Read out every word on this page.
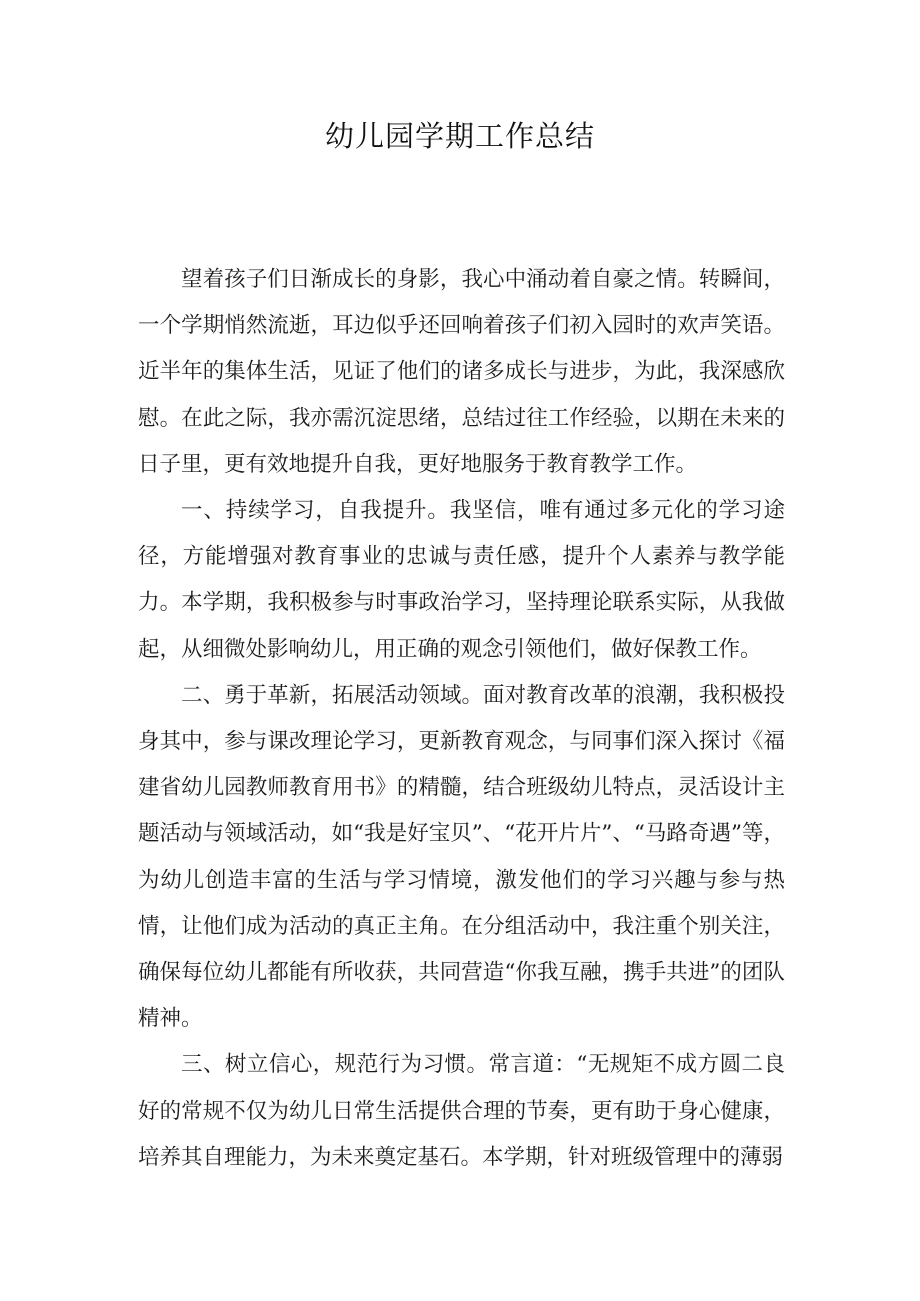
幼儿园学期工作总结

望着孩子们日渐成长的身影，我心中涌动着自豪之情。转瞬间，一个学期悄然流逝，耳边似乎还回响着孩子们初入园时的欢声笑语。近半年的集体生活，见证了他们的诸多成长与进步，为此，我深感欣慰。在此之际，我亦需沉淀思绪，总结过往工作经验，以期在未来的日子里，更有效地提升自我，更好地服务于教育教学工作。

一、持续学习，自我提升。我坚信，唯有通过多元化的学习途径，方能增强对教育事业的忠诚与责任感，提升个人素养与教学能力。本学期，我积极参与时事政治学习，坚持理论联系实际，从我做起，从细微处影响幼儿，用正确的观念引领他们，做好保教工作。

二、勇于革新，拓展活动领域。面对教育改革的浪潮，我积极投身其中，参与课改理论学习，更新教育观念，与同事们深入探讨《福建省幼儿园教师教育用书》的精髓，结合班级幼儿特点，灵活设计主题活动与领域活动，如“我是好宝贝”、“花开片片”、“马路奇遇”等，为幼儿创造丰富的生活与学习情境，激发他们的学习兴趣与参与热情，让他们成为活动的真正主角。在分组活动中，我注重个别关注，确保每位幼儿都能有所收获，共同营造“你我互融，携手共进”的团队精神。

三、树立信心，规范行为习惯。常言道：“无规矩不成方圆二良好的常规不仅为幼儿日常生活提供合理的节奏，更有助于身心健康，培养其自理能力，为未来奠定基石。本学期，针对班级管理中的薄弱
